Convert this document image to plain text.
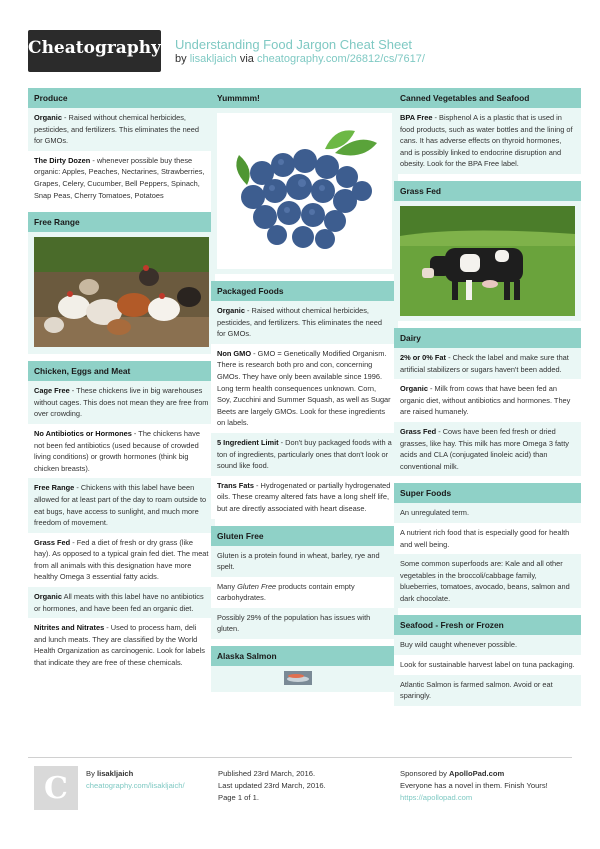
Cheatography Understanding Food Jargon Cheat Sheet
by lisakljaich via cheatography.com/26812/cs/7617/
Produce
Organic - Raised without chemical herbicides, pesticides, and fertilizers. This eliminates the need for GMOs.
The Dirty Dozen - whenever possible buy these organic: Apples, Peaches, Nectarines, Strawberries, Grapes, Celery, Cucumber, Bell Peppers, Spinach, Snap Peas, Cherry Tomatoes, Potatoes
Free Range
Chicken, Eggs and Meat
Cage Free - These chickens live in big warehouses without cages. This does not mean they are free from over crowding.
No Antibiotics or Hormones - The chickens have not been fed antibiotics (used because of crowded living conditions) or growth hormones (think big chicken breasts).
Free Range - Chickens with this label have been allowed for at least part of the day to roam outside to eat bugs, have access to sunlight, and much more freedom of movement.
Grass Fed - Fed a diet of fresh or dry grass (like hay). As opposed to a typical grain fed diet. The meat from all animals with this designation have more healthy Omega 3 essential fatty acids.
Organic All meats with this label have no antibiotics or hormones, and have been fed an organic diet.
Nitrites and Nitrates - Used to process ham, deli and lunch meats. They are classified by the World Health Organization as carcinogenic. Look for labels that indicate they are free of these chemicals.
Yummmm!
Packaged Foods
Organic - Raised without chemical herbicides, pesticides, and fertilizers. This eliminates the need for GMOs.
Non GMO - GMO = Genetically Modified Organism. There is research both pro and con, concerning GMOs. They have only been available since 1996. Long term health consequences unknown. Corn, Soy, Zucchini and Summer Squash, as well as Sugar Beets are largely GMOs. Look for these ingredients on labels.
5 Ingredient Limit - Don't buy packaged foods with a ton of ingredients, particularly ones that don't look or sound like food.
Trans Fats - Hydrogenated or partially hydrogenated oils. These creamy altered fats have a long shelf life, but are directly associated with heart disease.
Gluten Free
Gluten is a protein found in wheat, barley, rye and spelt.
Many Gluten Free products contain empty carbohydrates.
Possibly 29% of the population has issues with gluten.
Alaska Salmon
Canned Vegetables and Seafood
BPA Free - Bisphenol A is a plastic that is used in food products, such as water bottles and the lining of cans. It has adverse effects on thyroid hormones, and is possibly linked to endocrine disruption and obesity. Look for the BPA Free label.
Grass Fed
Dairy
2% or 0% Fat - Check the label and make sure that artificial stabilizers or sugars haven't been added.
Organic - Milk from cows that have been fed an organic diet, without antibiotics and hormones. They are raised humanely.
Grass Fed - Cows have been fed fresh or dried grasses, like hay. This milk has more Omega 3 fatty acids and CLA (conjugated linoleic acid) than conventional milk.
Super Foods
An unregulated term.
A nutrient rich food that is especially good for health and well being.
Some common superfoods are: Kale and all other vegetables in the broccoli/cabbage family, blueberries, tomatoes, avocado, beans, salmon and dark chocolate.
Seafood - Fresh or Frozen
Buy wild caught whenever possible.
Look for sustainable harvest label on tuna packaging.
Atlantic Salmon is farmed salmon. Avoid or eat sparingly.
C	By lisakljaich
cheatography.com/lisakljaich/
Published 23rd March, 2016.
Last updated 23rd March, 2016.
Page 1 of 1.
Sponsored by ApolloPad.com
Everyone has a novel in them. Finish Yours!
https://apollopad.com
